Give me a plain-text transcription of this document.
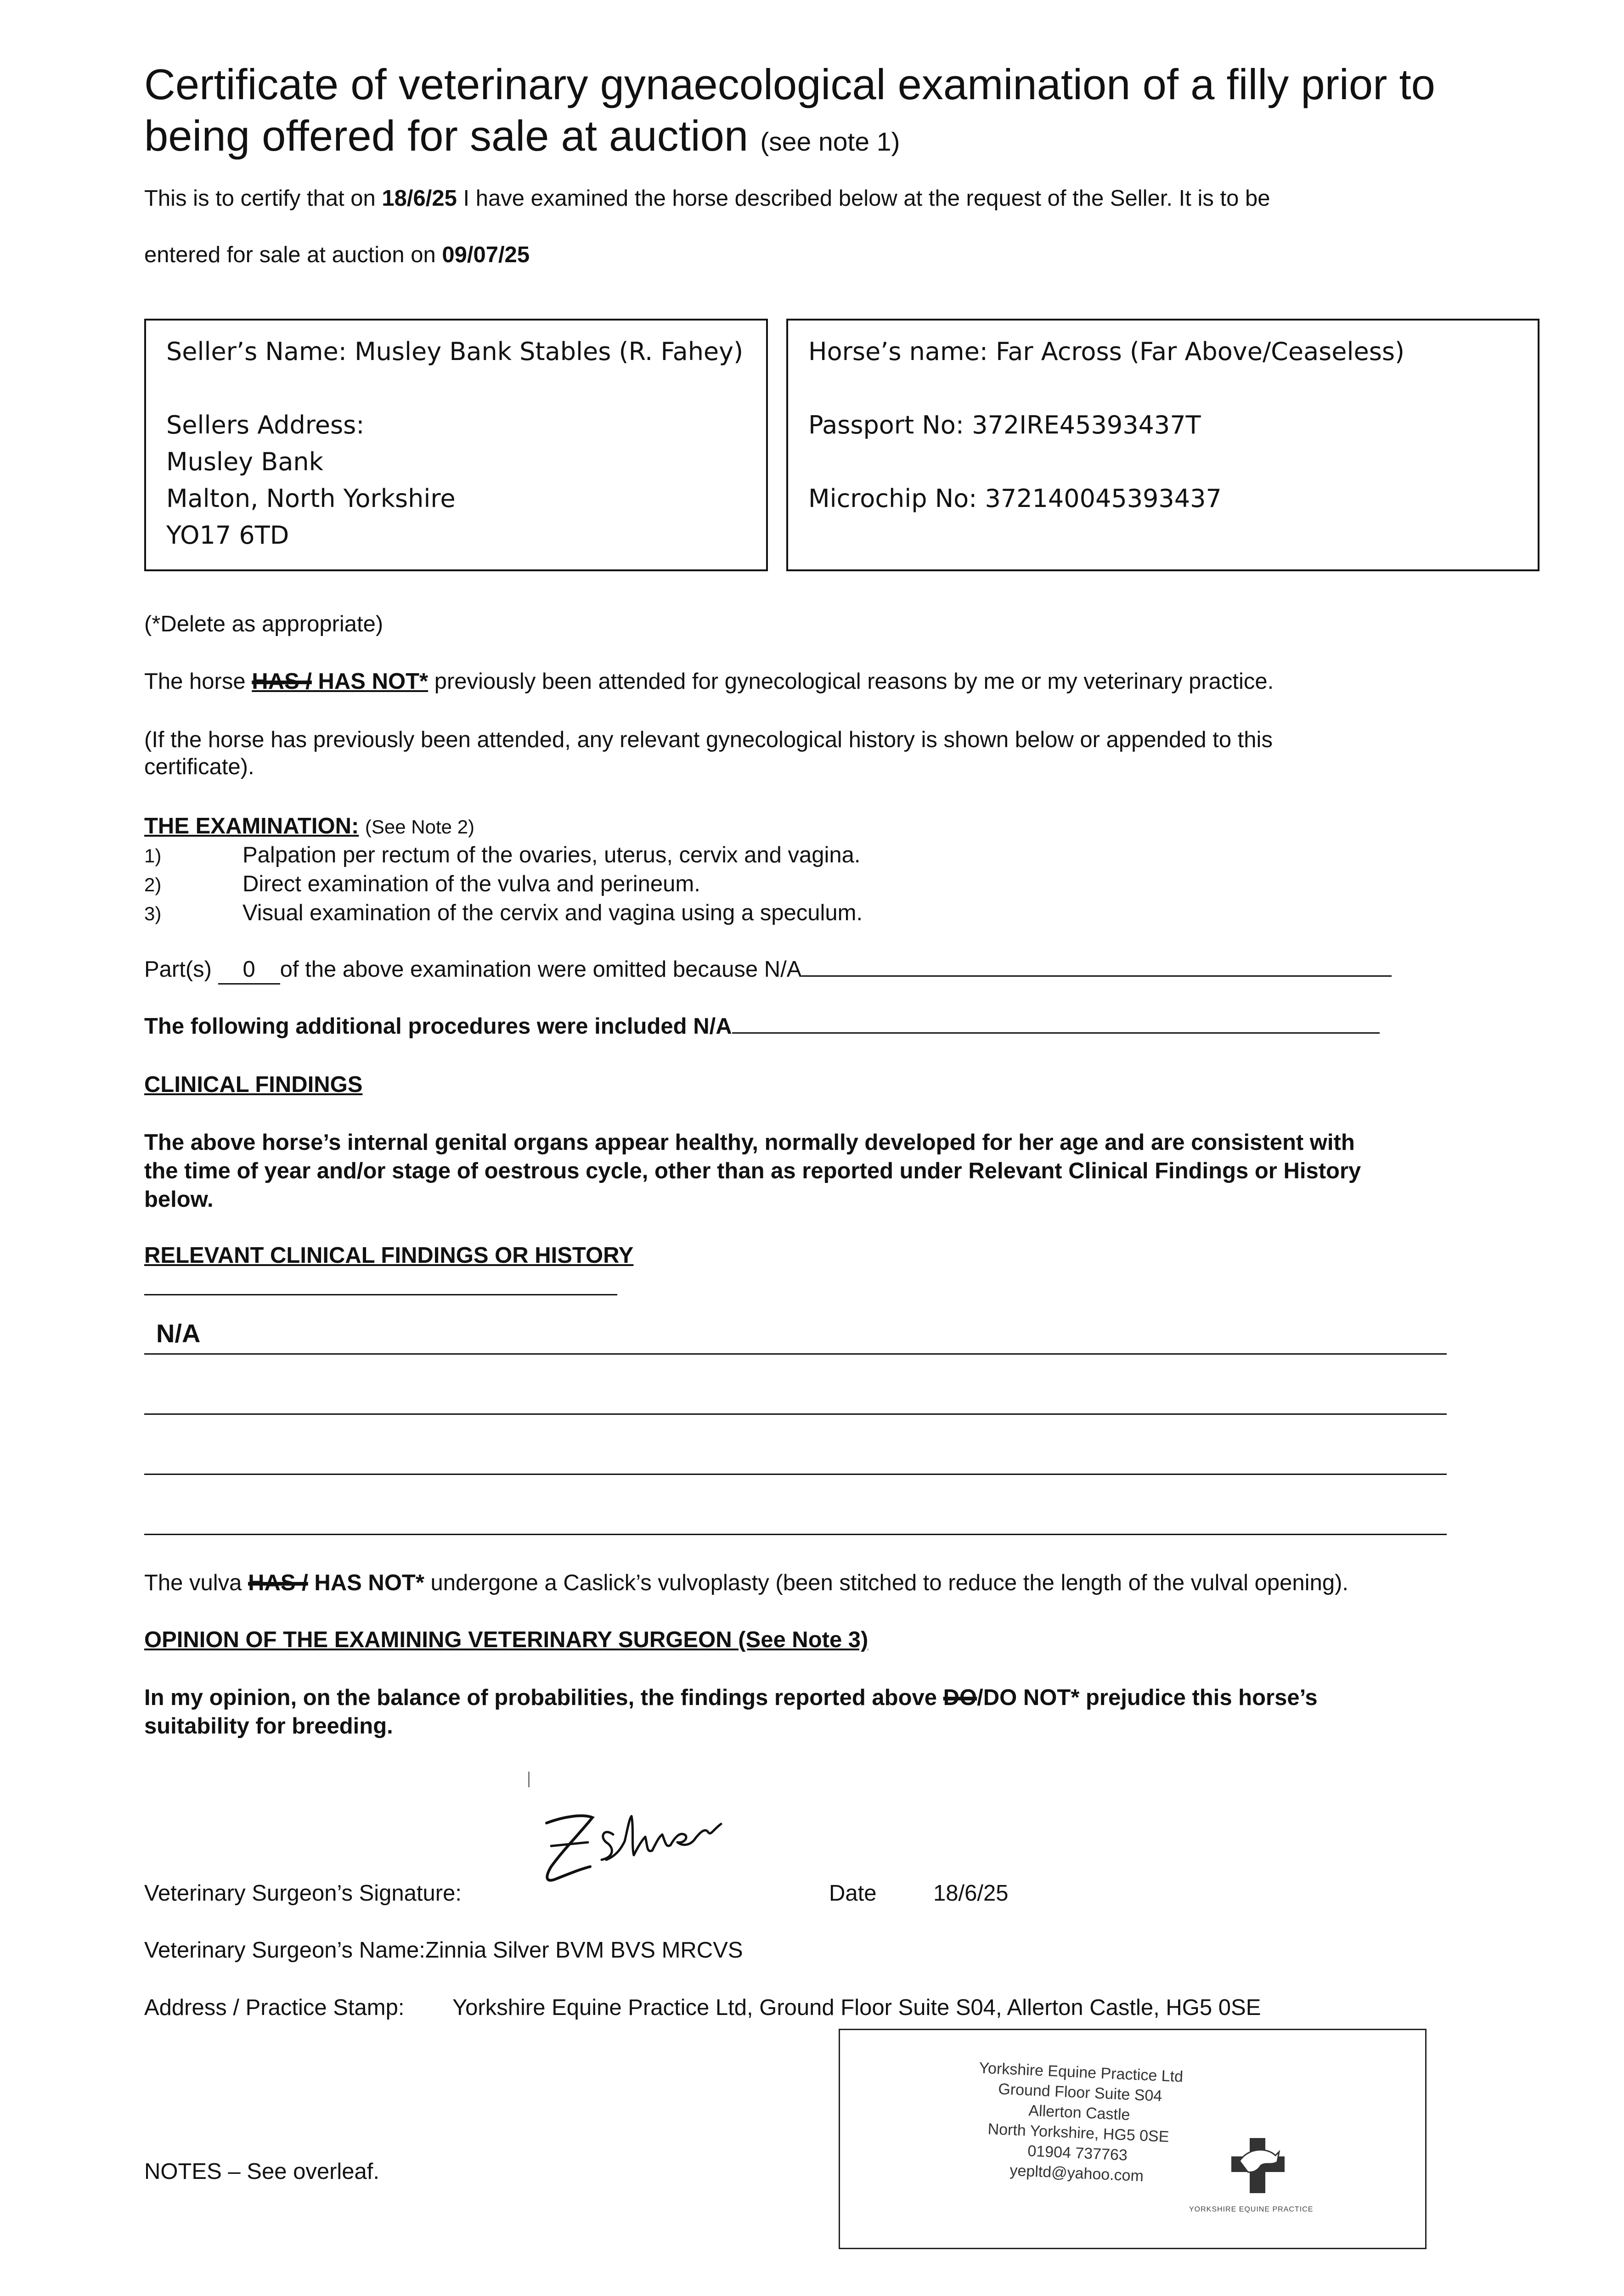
Certificate of veterinary gynaecological examination of a filly prior to
being offered for sale at auction (see note 1)
This is to certify that on 18/6/25 I have examined the horse described below at the request of the Seller. It is to be
entered for sale at auction on 09/07/25
Seller’s Name: Musley Bank Stables (R. Fahey)
Sellers Address:
Musley Bank
Malton, North Yorkshire
YO17 6TD
Horse’s name: Far Across (Far Above/Ceaseless)
Passport No: 372IRE45393437T
Microchip No: 372140045393437
(*Delete as appropriate)
The horse HAS / HAS NOT* previously been attended for gynecological reasons by me or my veterinary practice.
(If the horse has previously been attended, any relevant gynecological history is shown below or appended to this
certificate).
THE EXAMINATION: (See Note 2)
1)	Palpation per rectum of the ovaries, uterus, cervix and vagina.
2)	Direct examination of the vulva and perineum.
3)	Visual examination of the cervix and vagina using a speculum.
Part(s) 0 of the above examination were omitted because N/A
The following additional procedures were included N/A
CLINICAL FINDINGS
The above horse’s internal genital organs appear healthy, normally developed for her age and are consistent with
the time of year and/or stage of oestrous cycle, other than as reported under Relevant Clinical Findings or History
below.
RELEVANT CLINICAL FINDINGS OR HISTORY
N/A
The vulva HAS / HAS NOT* undergone a Caslick’s vulvoplasty (been stitched to reduce the length of the vulval opening).
OPINION OF THE EXAMINING VETERINARY SURGEON (See Note 3)
In my opinion, on the balance of probabilities, the findings reported above DO/DO NOT* prejudice this horse’s
suitability for breeding.
Veterinary Surgeon’s Signature:	Date	18/6/25
Veterinary Surgeon’s Name:Zinnia Silver BVM BVS MRCVS
Address / Practice Stamp: Yorkshire Equine Practice Ltd, Ground Floor Suite S04, Allerton Castle, HG5 0SE
Yorkshire Equine Practice Ltd
Ground Floor Suite S04
Allerton Castle
North Yorkshire, HG5 0SE
01904 737763
yepltd@yahoo.com
YORKSHIRE EQUINE PRACTICE
NOTES – See overleaf.
